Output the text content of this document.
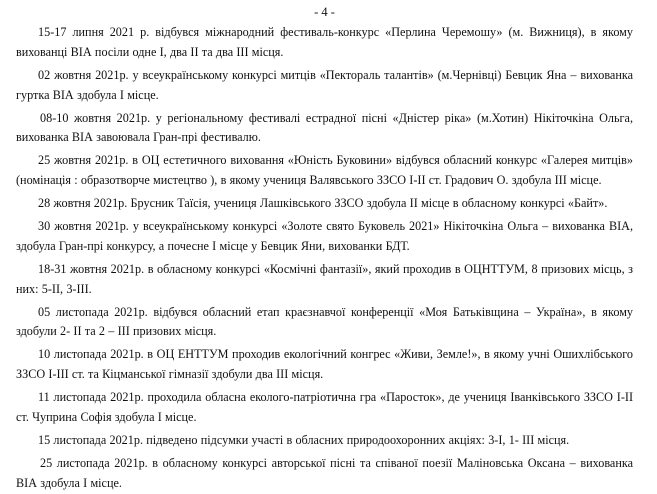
- 4 -

15-17 липня 2021 р. відбувся міжнародний фестиваль-конкурс «Перлина Черемошу» (м. Вижниця), в якому вихованці ВІА посіли одне І, два ІІ та два ІІІ місця.

02 жовтня 2021р. у всеукраїнському конкурсі митців «Пектораль талантів» (м.Чернівці) Бевцик Яна – вихованка гуртка ВІА здобула І місце.

08-10 жовтня 2021р. у регіональному фестивалі естрадної пісні «Дністер ріка» (м.Хотин) Нікіточкіна Ольга, вихованка ВІА завоювала Гран-прі фестивалю.

25 жовтня 2021р. в ОЦ естетичного виховання «Юність Буковини» відбувся обласний конкурс «Галерея митців» (номінація : образотворче мистецтво ), в якому учениця Валявського ЗЗСО І-ІІ ст. Градович О. здобула ІІІ місце.

28 жовтня 2021р. Брусник Таїсія, учениця Лашківського ЗЗСО здобула ІІ місце в обласному конкурсі «Байт».

30 жовтня 2021р. у всеукраїнському конкурсі «Золоте свято Буковель 2021» Нікіточкіна Ольга – вихованка ВІА, здобула Гран-прі конкурсу, а почесне І місце у Бевцик Яни, вихованки БДТ.

18-31 жовтня 2021р. в обласному конкурсі «Космічні фантазії», який проходив в ОЦНТТУМ, 8 призових місць, з них: 5-ІІ, 3-ІІІ.

05 листопада 2021р. відбувся обласний етап краєзнавчої конференції «Моя Батьківщина – Україна», в якому здобули 2- ІІ та 2 – ІІІ призових місця.

10 листопада 2021р. в ОЦ ЕНТТУМ проходив екологічний конгрес «Живи, Земле!», в якому учні Ошихлібського ЗЗСО І-ІІІ ст. та Кіцманської гімназії здобули два ІІІ місця.

11 листопада 2021р. проходила обласна еколого-патріотична гра «Паросток», де учениця Іванківського ЗЗСО І-ІІ ст. Чуприна Софія здобула І місце.

15 листопада 2021р. підведено підсумки участі в обласних природоохоронних акціях: 3-І, 1- ІІІ місця.

25 листопада 2021р. в обласному конкурсі авторської пісні та співаної поезії Маліновська Оксана – вихованка ВІА здобула І місце.
